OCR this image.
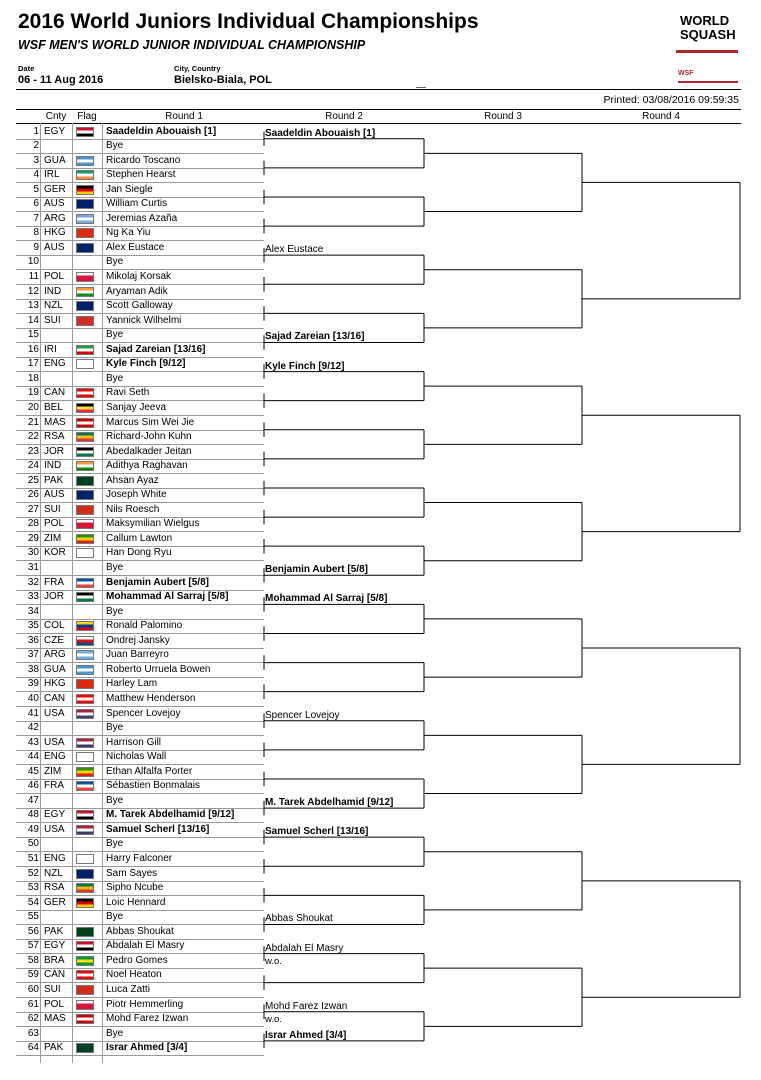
2016 World Juniors Individual Championships
WSF MEN'S WORLD JUNIOR INDIVIDUAL CHAMPIONSHIP
WORLD
SQUASH
WSF
Date
06 - 11 Aug 2016
City, Country
Bielsko-Biala, POL
Printed: 03/08/2016 09:59:35
Cnty	Flag	Round 1	Round 2	Round 3	Round 4
1 EGY	Saadeldin Abouaish [1]
2	Bye
3 GUA	Ricardo Toscano
4 IRL	Stephen Hearst
5 GER	Jan Siegle
6 AUS	William Curtis
7 ARG	Jeremias Azaña
8 HKG	Ng Ka Yiu
9 AUS	Alex Eustace
10	Bye
11 POL	Mikolaj Korsak
12 IND	Aryaman Adik
13 NZL	Scott Galloway
14 SUI	Yannick Wilhelmi
15	Bye
16 IRI	Sajad Zareian [13/16]
17 ENG	Kyle Finch [9/12]
18	Bye
19 CAN	Ravi Seth
20 BEL	Sanjay Jeeva
21 MAS	Marcus Sim Wei Jie
22 RSA	Richard-John Kuhn
23 JOR	Abedalkader Jeitan
24 IND	Adithya Raghavan
25 PAK	Ahsan Ayaz
26 AUS	Joseph White
27 SUI	Nils Roesch
28 POL	Maksymilian Wielgus
29 ZIM	Callum Lawton
30 KOR	Han Dong Ryu
31	Bye
32 FRA	Benjamin Aubert [5/8]
33 JOR	Mohammad Al Sarraj [5/8]
34	Bye
35 COL	Ronald Palomino
36 CZE	Ondrej Jansky
37 ARG	Juan Barreyro
38 GUA	Roberto Urruela Bowen
39 HKG	Harley Lam
40 CAN	Matthew Henderson
41 USA	Spencer Lovejoy
42	Bye
43 USA	Harrison Gill
44 ENG	Nicholas Wall
45 ZIM	Ethan Alfalfa Porter
46 FRA	Sébastien Bonmalais
47	Bye
48 EGY	M. Tarek Abdelhamid [9/12]
49 USA	Samuel Scherl [13/16]
50	Bye
51 ENG	Harry Falconer
52 NZL	Sam Sayes
53 RSA	Sipho Ncube
54 GER	Loic Hennard
55	Bye
56 PAK	Abbas Shoukat
57 EGY	Abdalah El Masry
58 BRA	Pedro Gomes
59 CAN	Noel Heaton
60 SUI	Luca Zatti
61 POL	Piotr Hemmerling
62 MAS	Mohd Farez Izwan
63	Bye
64 PAK	Israr Ahmed [3/4]
Saadeldin Abouaish [1]
Alex Eustace
Sajad Zareian [13/16]
Kyle Finch [9/12]
Benjamin Aubert [5/8]
Mohammad Al Sarraj [5/8]
Spencer Lovejoy
M. Tarek Abdelhamid [9/12]
Samuel Scherl [13/16]
Abbas Shoukat
Abdalah El Masry
w.o.
Mohd Farez Izwan
w.o.
Israr Ahmed [3/4]
